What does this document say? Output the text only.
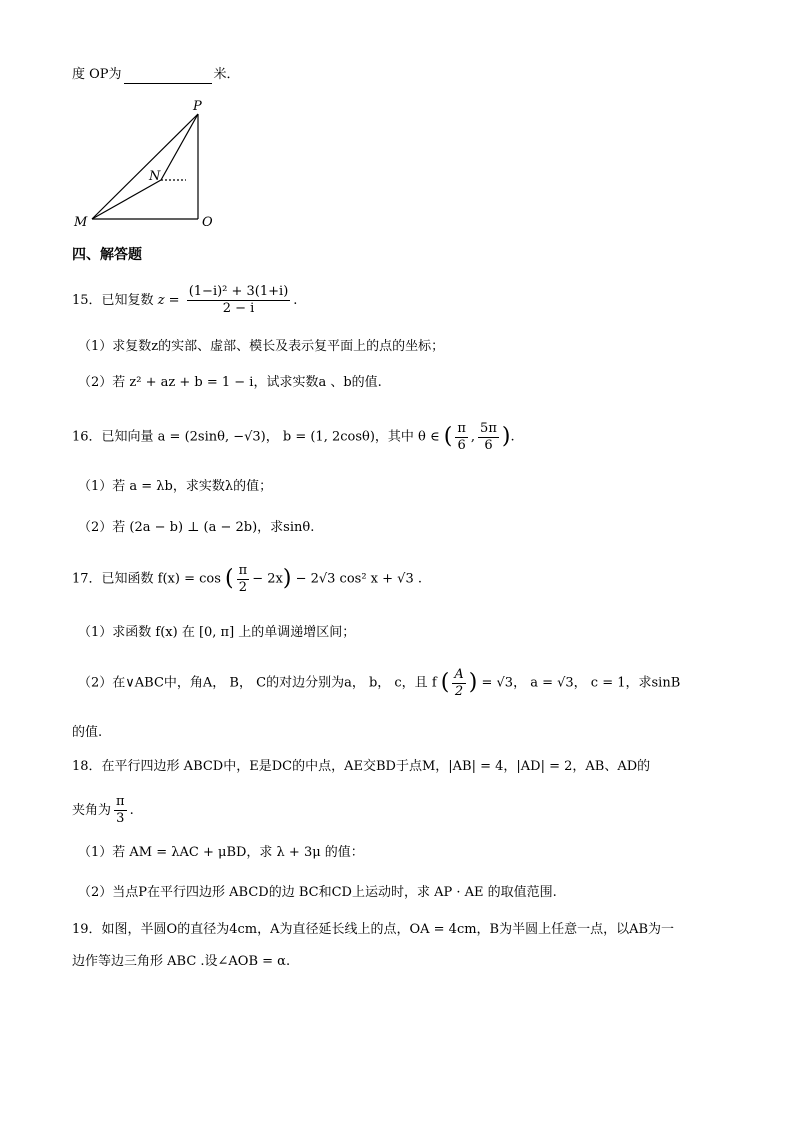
度 OP为	米．
P
N
M	O
四、解答题
15．已知复数 $z = \frac{\text{(1−i)² + 3(1+i)}}{2 - i}$ .
（1）求复数z的实部、虚部、模长及表示复平面上的点的坐标；
（2）若 z² + az + b = 1 − i，试求实数a 、b的值.
16．已知向量 a = (2sinθ, −√3)， b = (1, 2cosθ)，其中 θ ∈ ( $\frac{\pi}{6}$ , $\frac{5\pi}{6}$ ).
（1）若 a = λb，求实数λ的值；
（2）若 (2a − b) ⊥ (a − 2b)，求sinθ.
17．已知函数 f(x) = cos ( $\frac{\pi}{2} - 2x) - 2√3$ cos² x + √3 .
（1）求函数 f(x) 在 [0, π] 上的单调递增区间；
（2）在∨ABC中，角A， B， C的对边分别为a， b， c，且 f ( $\frac{A}{2}$ ) = √3， a = √3， c = 1，求sinB
的值.
18．在平行四边形 ABCD中，E是DC的中点，AE交BD于点M，|AB| = 4，|AD| = 2，AB、AD的
夹角为 $\frac{\pi}{3}$ .
（1）若 AM = λAC + μBD，求 λ + 3μ 的值：
（2）当点P在平行四边形 ABCD的边 BC和CD上运动时，求 AP · AE 的取值范围.
19．如图，半圆O的直径为4cm，A为直径延长线上的点，OA = 4cm，B为半圆上任意一点，以AB为一
边作等边三角形 ABC .设∠AOB = α.
